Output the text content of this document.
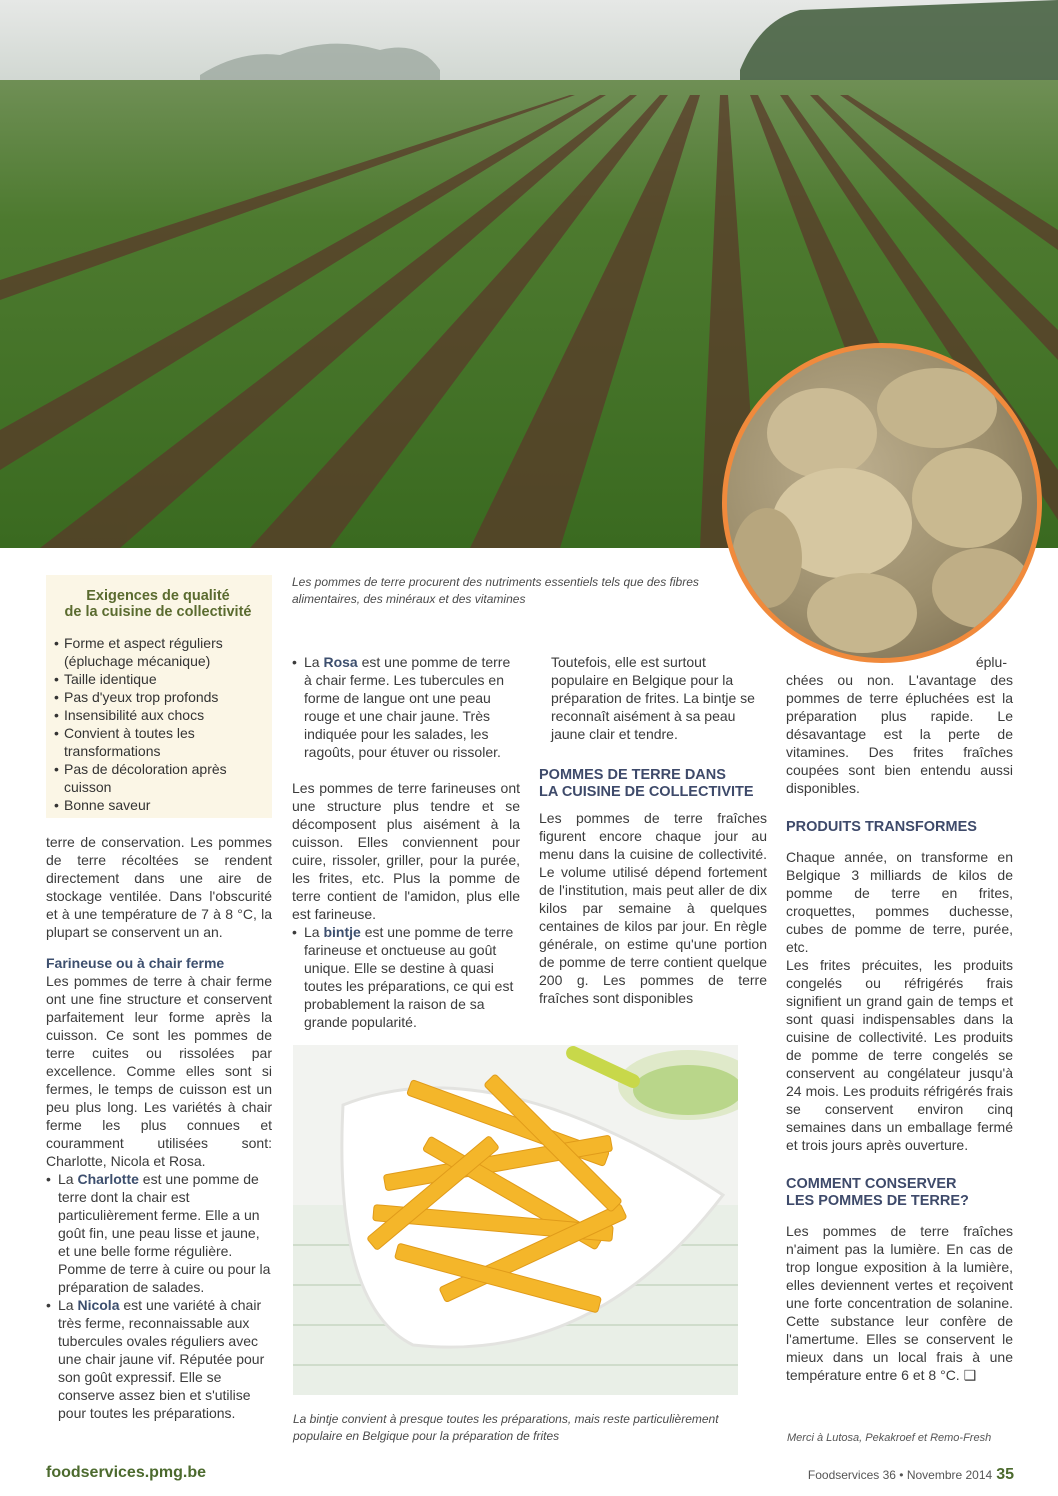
Les pommes de terre procurent des nutriments essentiels tels que des fibres alimentaires, des minéraux et des vitamines
Exigences de qualité
de la cuisine de collectivité
• Forme et aspect réguliers (épluchage mécanique)
• Taille identique
• Pas d'yeux trop profonds
• Insensibilité aux chocs
• Convient à toutes les transformations
• Pas de décoloration après cuisson
• Bonne saveur

terre de conservation. Les pommes de terre récoltées se rendent directement dans une aire de stockage ventilée. Dans l'obscurité et à une température de 7 à 8 °C, la plupart se conservent un an.

Farineuse ou à chair ferme

Les pommes de terre à chair ferme ont une fine structure et conservent parfaitement leur forme après la cuisson. Ce sont les pommes de terre cuites ou rissolées par excellence. Comme elles sont si fermes, le temps de cuisson est un peu plus long. Les variétés à chair ferme les plus connues et couramment utilisées sont: Charlotte, Nicola et Rosa.

• La Charlotte est une pomme de terre dont la chair est particulièrement ferme. Elle a un goût fin, une peau lisse et jaune, et une belle forme régulière. Pomme de terre à cuire ou pour la préparation de salades.

• La Nicola est une variété à chair très ferme, reconnaissable aux tubercules ovales réguliers avec une chair jaune vif. Réputée pour son goût expressif. Elle se conserve assez bien et s'utilise pour toutes les préparations.

• La Rosa est une pomme de terre à chair ferme. Les tubercules en forme de langue ont une peau rouge et une chair jaune. Très indiquée pour les salades, les ragoûts, pour étuver ou rissoler.

Les pommes de terre farineuses ont une structure plus tendre et se décomposent plus aisément à la cuisson. Elles conviennent pour cuire, rissoler, griller, pour la purée, les frites, etc. Plus la pomme de terre contient de l'amidon, plus elle est farineuse.

• La bintje est une pomme de terre farineuse et onctueuse au goût unique. Elle se destine à quasi toutes les préparations, ce qui est probablement la raison de sa grande popularité.

Toutefois, elle est surtout populaire en Belgique pour la préparation de frites. La bintje se reconnaît aisément à sa peau jaune clair et tendre.

POMMES DE TERRE DANS
LA CUISINE DE COLLECTIVITE

Les pommes de terre fraîches figurent encore chaque jour au menu dans la cuisine de collectivité. Le volume utilisé dépend fortement de l'institution, mais peut aller de dix kilos par semaine à quelques centaines de kilos par jour. En règle générale, on estime qu'une portion de pomme de terre contient quelque 200 g. Les pommes de terre fraîches sont disponibles

La bintje convient à presque toutes les préparations, mais reste particulièrement populaire en Belgique pour la préparation de frites

éplu-

chées ou non. L'avantage des pommes de terre épluchées est la préparation plus rapide. Le désavantage est la perte de vitamines. Des frites fraîches coupées sont bien entendu aussi disponibles.

PRODUITS TRANSFORMES

Chaque année, on transforme en Belgique 3 milliards de kilos de pomme de terre en frites, croquettes, pommes duchesse, cubes de pomme de terre, purée, etc.

Les frites précuites, les produits congelés ou réfrigérés frais signifient un grand gain de temps et sont quasi indispensables dans la cuisine de collectivité. Les produits de pomme de terre congelés se conservent au congélateur jusqu'à 24 mois. Les produits réfrigérés frais se conservent environ cinq semaines dans un emballage fermé et trois jours après ouverture.

COMMENT CONSERVER
LES POMMES DE TERRE?

Les pommes de terre fraîches n'aiment pas la lumière. En cas de trop longue exposition à la lumière, elles deviennent vertes et reçoivent une forte concentration de solanine. Cette substance leur confère de l'amertume. Elles se conservent le mieux dans un local frais à une température entre 6 et 8 °C. ❑

Merci à Lutosa, Pekakroef et Remo-Fresh
foodservices.pmg.be	Foodservices 36 • Novembre 2014 35
